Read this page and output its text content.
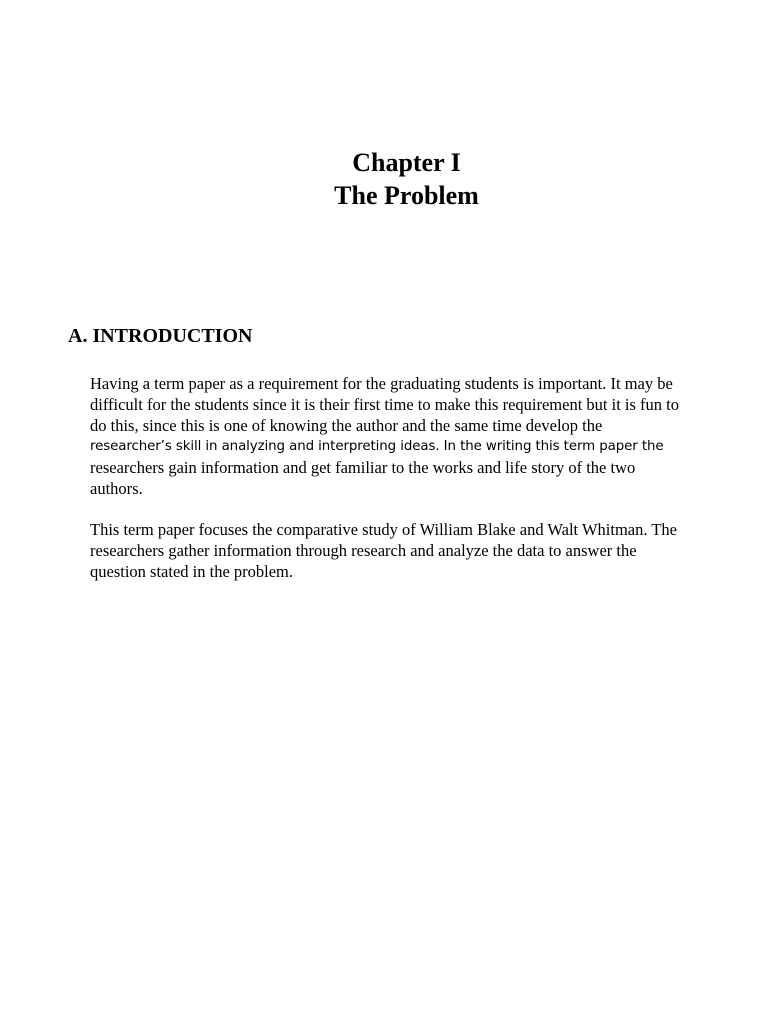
Chapter I
The Problem
A. INTRODUCTION

Having a term paper as a requirement for the graduating students is important. It may be
difficult for the students since it is their first time to make this requirement but it is fun to
do this, since this is one of knowing the author and the same time develop the
researcher’s skill in analyzing and interpreting ideas. In the writing this term paper the
researchers gain information and get familiar to the works and life story of the two
authors.

This term paper focuses the comparative study of William Blake and Walt Whitman. The
researchers gather information through research and analyze the data to answer the
question stated in the problem.
